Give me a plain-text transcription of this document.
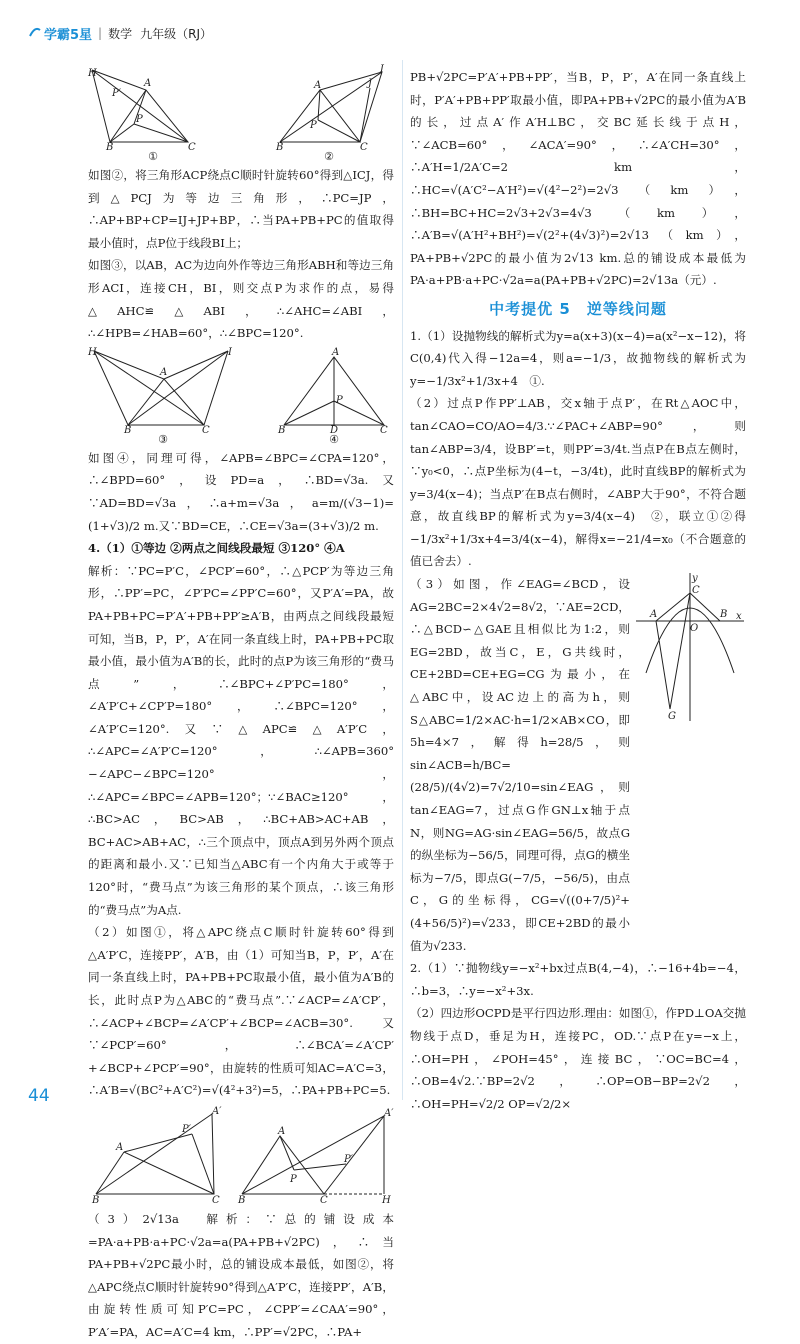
学霸5星 | 数学 九年级（RJ）
H
A
P′
P
B	C
①
I
J
A
P
B	C
②

如图②，将三角形ACP绕点C顺时针旋转60°得到△ICJ，得到△PCJ为等边三角形，∴PC=JP，∴AP+BP+CP=IJ+JP+BP，∴当PA+PB+PC的值取得最小值时，点P位于线段BI上；

如图③，以AB，AC为边向外作等边三角形ABH和等边三角形ACI，连接CH，BI，则交点P为求作的点，易得△AHC≌△ABI，∴∠AHC=∠ABI，∴∠HPB=∠HAB=60°，∴∠BPC=120°.

H	I
A
B	C
③
A
P
B	D	C
④

如图④，同理可得，∠APB=∠BPC=∠CPA=120°，∴∠BPD=60°，设PD=a，∴BD=√3a.又∵AD=BD=√3a，∴a+m=√3a，a=m/(√3−1)=(1+√3)/2 m.又∵BD=CE，∴CE=√3a=(3+√3)/2 m.

4.（1）①等边 ②两点之间线段最短 ③120° ④A

解析：∵PC=P′C，∠PCP′=60°，∴△PCP′为等边三角形，∴PP′=PC，∠P′PC=∠PP′C=60°，又P′A′=PA，故PA+PB+PC=P′A′+PB+PP′≥A′B，由两点之间线段最短可知，当B，P，P′，A′在同一条直线上时，PA+PB+PC取最小值，最小值为A′B的长，此时的点P为该三角形的“费马点”，∴∠BPC+∠P′PC=180°，∠A′P′C+∠CP′P=180°，∴∠BPC=120°，∠A′P′C=120°.又∵△APC≌△A′P′C，∴∠APC=∠A′P′C=120°，∴∠APB=360°−∠APC−∠BPC=120°，∴∠APC=∠BPC=∠APB=120°；∵∠BAC≥120°，∴BC>AC，BC>AB，∴BC+AB>AC+AB，BC+AC>AB+AC，∴三个顶点中，顶点A到另外两个顶点的距离和最小.又∵已知当△ABC有一个内角大于或等于120°时，“费马点”为该三角形的某个顶点，∴该三角形的“费马点”为A点.

（2）如图①，将△APC绕点C顺时针旋转60°得到△A′P′C，连接PP′，A′B，由（1）可知当B，P，P′，A′在同一条直线上时，PA+PB+PC取最小值，最小值为A′B的长，此时点P为△ABC的“费马点”.∵∠ACP=∠A′CP′，∴∠ACP+∠BCP=∠A′CP′+∠BCP=∠ACB=30°.又∵∠PCP′=60°，∴∠BCA′=∠A′CP′+∠BCP+∠PCP′=90°，由旋转的性质可知AC=A′C=3，∴A′B=√(BC²+A′C²)=√(4²+3²)=5，∴PA+PB+PC=5.

A′
P′
A
B	C
A
P
P′
A′
B	C	H

（3）2√13a　解析：∵总的铺设成本=PA·a+PB·a+PC·√2a=a(PA+PB+√2PC)，∴当PA+PB+√2PC最小时，总的铺设成本最低，如图②，将△APC绕点C顺时针旋转90°得到△A′P′C，连接PP′，A′B，由旋转性质可知P′C=PC，∠CPP′=∠CAA′=90°，P′A′=PA，AC=A′C=4 km，∴PP′=√2PC，∴PA+

PB+√2PC=P′A′+PB+PP′，当B，P，P′，A′在同一条直线上时，P′A′+PB+PP′取最小值，即PA+PB+√2PC的最小值为A′B的长，过点A′作A′H⊥BC，交BC延长线于点H，∵∠ACB=60°，∠ACA′=90°，∴∠A′CH=30°，∴A′H=1/2A′C=2 km，∴HC=√(A′C²−A′H²)=√(4²−2²)=2√3（km），∴BH=BC+HC=2√3+2√3=4√3（km），∴A′B=√(A′H²+BH²)=√(2²+(4√3)²)=2√13（km），PA+PB+√2PC的最小值为2√13 km.总的铺设成本最低为PA·a+PB·a+PC·√2a=a(PA+PB+√2PC)=2√13a（元）.

中考提优 5　逆等线问题

1.（1）设抛物线的解析式为y=a(x+3)(x−4)=a(x²−x−12)，将C(0,4)代入得−12a=4，则a=−1/3，故抛物线的解析式为y=−1/3x²+1/3x+4　①.

（2）过点P作PP′⊥AB，交x轴于点P′，在Rt△AOC中，tan∠CAO=CO/AO=4/3.∵∠PAC+∠ABP=90°，则tan∠ABP=3/4，设BP′=t，则PP′=3/4t.当点P在B点左侧时，∵y₀<0，∴点P坐标为(4−t，−3/4t)，此时直线BP的解析式为y=3/4(x−4)；当点P′在B点右侧时，∠ABP大于90°，不符合题意，故直线BP的解析式为y=3/4(x−4)　②，联立①②得−1/3x²+1/3x+4=3/4(x−4)，解得x=−21/4=x₀（不合题意的值已舍去）.

（3）如图，作∠EAG=∠BCD，设AG=2BC=2×4√2=8√2，∵AE=2CD，∴△BCD∽△GAE且相似比为1:2，则EG=2BD，故当C，E，G共线时，CE+2BD=CE+EG=CG为最小，在△ABC中，设AC边上的高为h，则S△ABC=1/2×AC·h=1/2×AB×CO，即5h=4×7，解得h=28/5，则sin∠ACB=h/BC=(28/5)/(4√2)=7√2/10=sin∠EAG，则tan∠EAG=7，过点G作GN⊥x轴于点N，则NG=AG·sin∠EAG=56/5，故点G的纵坐标为−56/5，同理可得，点G的横坐标为−7/5，即点G(−7/5，−56/5)，由点C，G的坐标得，CG=√((0+7/5)²+(4+56/5)²)=√233，即CE+2BD的最小值为√233.

x
y
C
A	B
O
G

2.（1）∵抛物线y=−x²+bx过点B(4,−4)，∴−16+4b=−4，∴b=3，∴y=−x²+3x.

（2）四边形OCPD是平行四边形.理由：如图①，作PD⊥OA交抛物线于点D，垂足为H，连接PC，OD.∵点P在y=−x上，∴OH=PH，∠POH=45°，连接BC，∵OC=BC=4，∴OB=4√2.∵BP=2√2，∴OP=OB−BP=2√2，∴OH=PH=√2/2 OP=√2/2×

44
